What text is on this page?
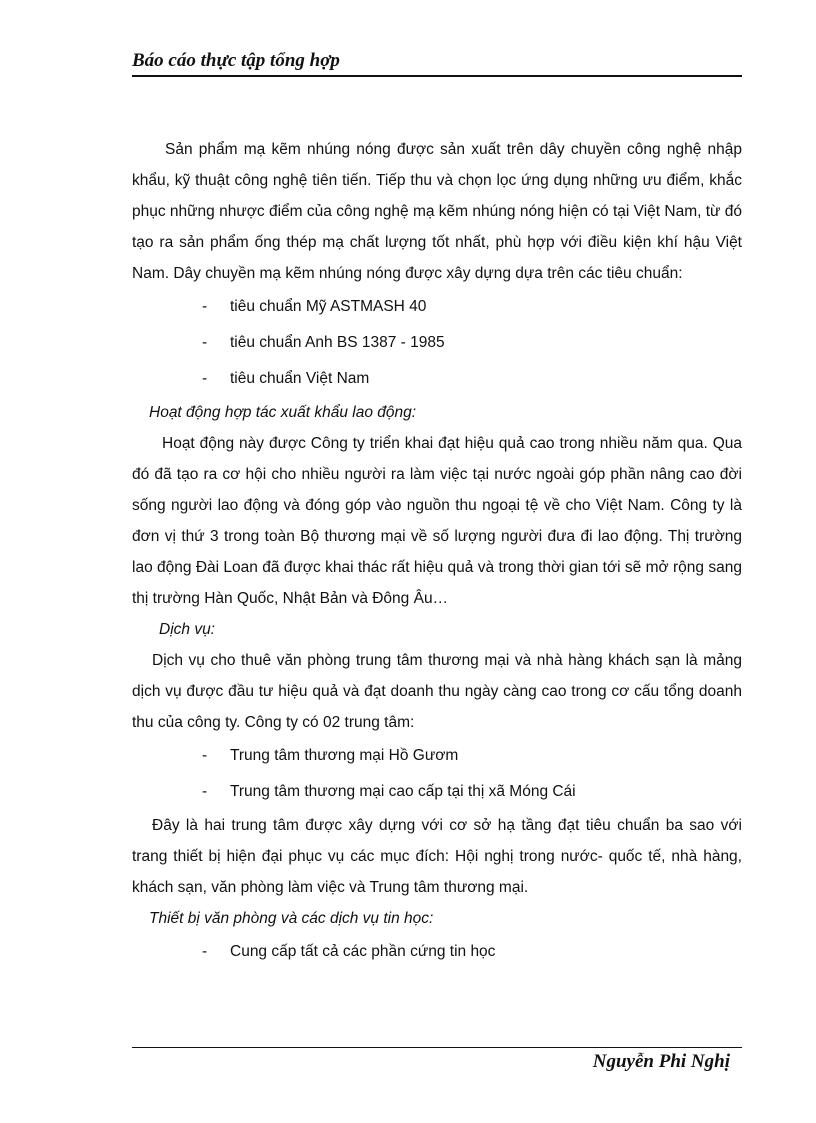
Báo cáo thực tập tổng hợp

Sản phẩm mạ kẽm nhúng nóng được sản xuất trên dây chuyền công nghệ nhập khẩu, kỹ thuật công nghệ tiên tiến. Tiếp thu và chọn lọc ứng dụng những ưu điểm, khắc phục những nhược điểm của công nghệ mạ kẽm nhúng nóng hiện có tại Việt Nam, từ đó tạo ra sản phẩm ống thép mạ chất lượng tốt nhất, phù hợp với điều kiện khí hậu Việt Nam. Dây chuyền mạ kẽm nhúng nóng được xây dựng dựa trên các tiêu chuẩn:

-	tiêu chuẩn Mỹ ASTMASH 40
-	tiêu chuẩn Anh BS 1387 - 1985
-	tiêu chuẩn Việt Nam

Hoạt động hợp tác xuất khẩu lao động:

Hoạt động này được Công ty triển khai đạt hiệu quả cao trong nhiều năm qua. Qua đó đã tạo ra cơ hội cho nhiều người ra làm việc tại nước ngoài góp phần nâng cao đời sống người lao động và đóng góp vào nguồn thu ngoại tệ về cho Việt Nam. Công ty là đơn vị thứ 3 trong toàn Bộ thương mại về số lượng người đưa đi lao động. Thị trường lao động Đài Loan đã được khai thác rất hiệu quả và trong thời gian tới sẽ mở rộng sang thị trường Hàn Quốc, Nhật Bản và Đông Âu…

Dịch vụ:

Dịch vụ cho thuê văn phòng trung tâm thương mại và nhà hàng khách sạn là mảng dịch vụ được đầu tư hiệu quả và đạt doanh thu ngày càng cao trong cơ cấu tổng doanh thu của công ty. Công ty có 02 trung tâm:

-	Trung tâm thương mại Hồ Gươm
-	Trung tâm thương mại cao cấp tại thị xã Móng Cái

Đây là hai trung tâm được xây dựng với cơ sở hạ tầng đạt tiêu chuẩn ba sao với trang thiết bị hiện đại phục vụ các mục đích: Hội nghị trong nước- quốc tế, nhà hàng, khách sạn, văn phòng làm việc và Trung tâm thương mại.

Thiết bị văn phòng và các dịch vụ tin học:

-	Cung cấp tất cả các phần cứng tin học
Nguyễn Phi Nghị
